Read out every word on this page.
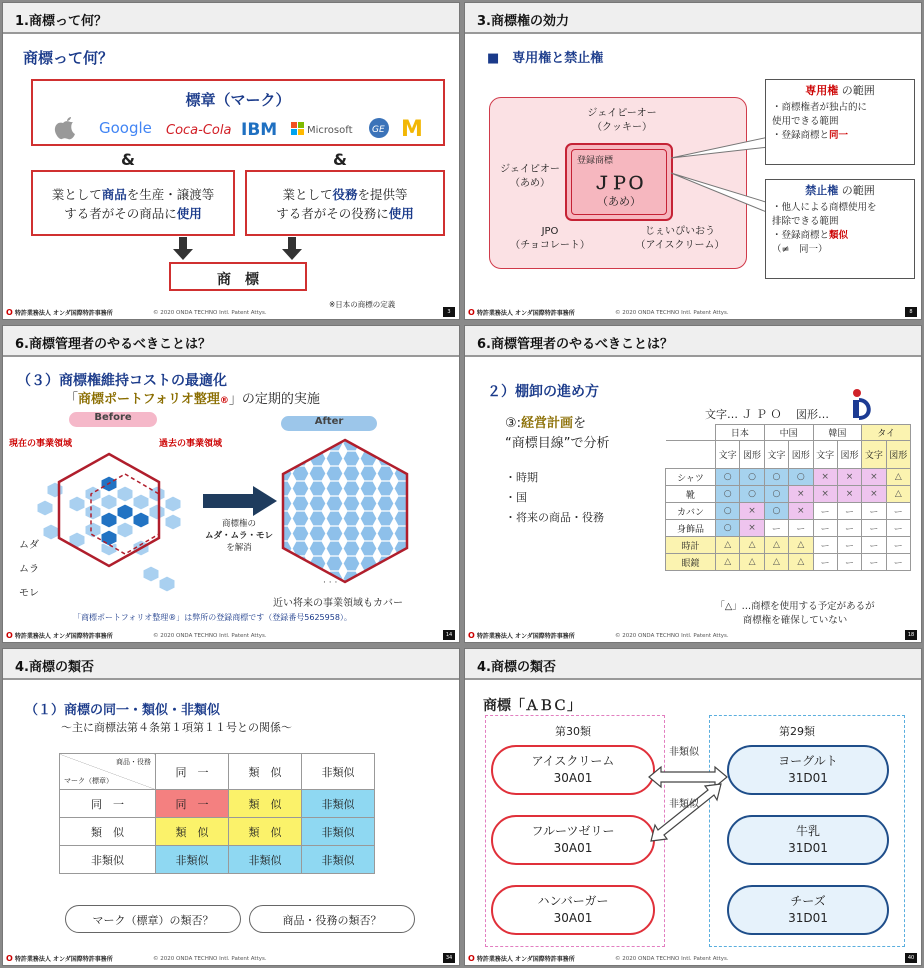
1.商標って何？
商標って何？
標章（マーク）
Google Coca-Cola IBM	Microsoft GE M
&	&
業として商品を生産・譲渡等
する者がその商品に使用
業として役務を提供等
する者がその役務に使用
商　標
※日本の商標の定義
O 特許業務法人 オンダ国際特許事務所	© 2020 ONDA TECHNO Intl. Patent Attys.	3
3.商標権の効力
■　専用権と禁止権
登録商標
ＪＰＯ
（あめ）
ジェイピーオー
（クッキー）
ジェイピオー
（あめ）
JPO
（チョコレート）
じぇいぴいおう
（アイスクリーム）
専用権 の範囲
・商標権者が独占的に
使用できる範囲
・登録商標と同一
禁止権 の範囲
・他人による商標使用を
排除できる範囲
・登録商標と類似
（≠　同一）
O 特許業務法人 オンダ国際特許事務所	© 2020 ONDA TECHNO Intl. Patent Attys.	8
6.商標管理者のやるべきことは？
（３）商標権維持コストの最適化
「商標ポートフォリオ整理®」の定期的実施
Before	After
現在の事業領域	過去の事業領域
ムダ
ムラ
モレ
商標権の
ムダ・ムラ・モレ
を解消
· · ·
近い将来の事業領域もカバー
「商標ポートフォリオ整理®」は弊所の登録商標です（登録番号5625958）。
O 特許業務法人 オンダ国際特許事務所	© 2020 ONDA TECHNO Intl. Patent Attys.	14
6.商標管理者のやるべきことは？
２）棚卸の進め方
③:経営計画を
“商標目線”で分析
・時期
・国
・将来の商品・役務
文字… Ｊ Ｐ Ｏ　 図形…
	日本		中国		韓国		タイ	
	文字	図形	文字	図形	文字	図形	文字	図形
シャツ	○	○	○	○	×	×	×	△
靴	○	○	○	×	×	×	×	△
カバン	○	×	○	×	ー	ー	ー	ー
身飾品	○	×	ー	ー	ー	ー	ー	ー
時計	△	△	△	△	ー	ー	ー	ー
眼鏡	△	△	△	△	ー	ー	ー	ー
「△」…商標を使用する予定があるが
商標権を確保していない
O 特許業務法人 オンダ国際特許事務所	© 2020 ONDA TECHNO Intl. Patent Attys.	18
4.商標の類否
（１）商標の同一・類似・非類似
～主に商標法第４条第１項第１１号との関係～
商品・役務
マーク（標章）	同　一	類　似	非類似
同　一	同　一	類　似	非類似
類　似	類　似	類　似	非類似
非類似	非類似	非類似	非類似
マーク（標章）の類否？	商品・役務の類否？
O 特許業務法人 オンダ国際特許事務所	© 2020 ONDA TECHNO Intl. Patent Attys.	34
4.商標の類否
商標「ＡＢＣ」
第30類	第29類
アイスクリーム
30A01
フルーツゼリー
30A01
ハンバーガー
30A01
ヨーグルト
31D01
牛乳
31D01
チーズ
31D01
非類似
非類似
O 特許業務法人 オンダ国際特許事務所	© 2020 ONDA TECHNO Intl. Patent Attys.	40
